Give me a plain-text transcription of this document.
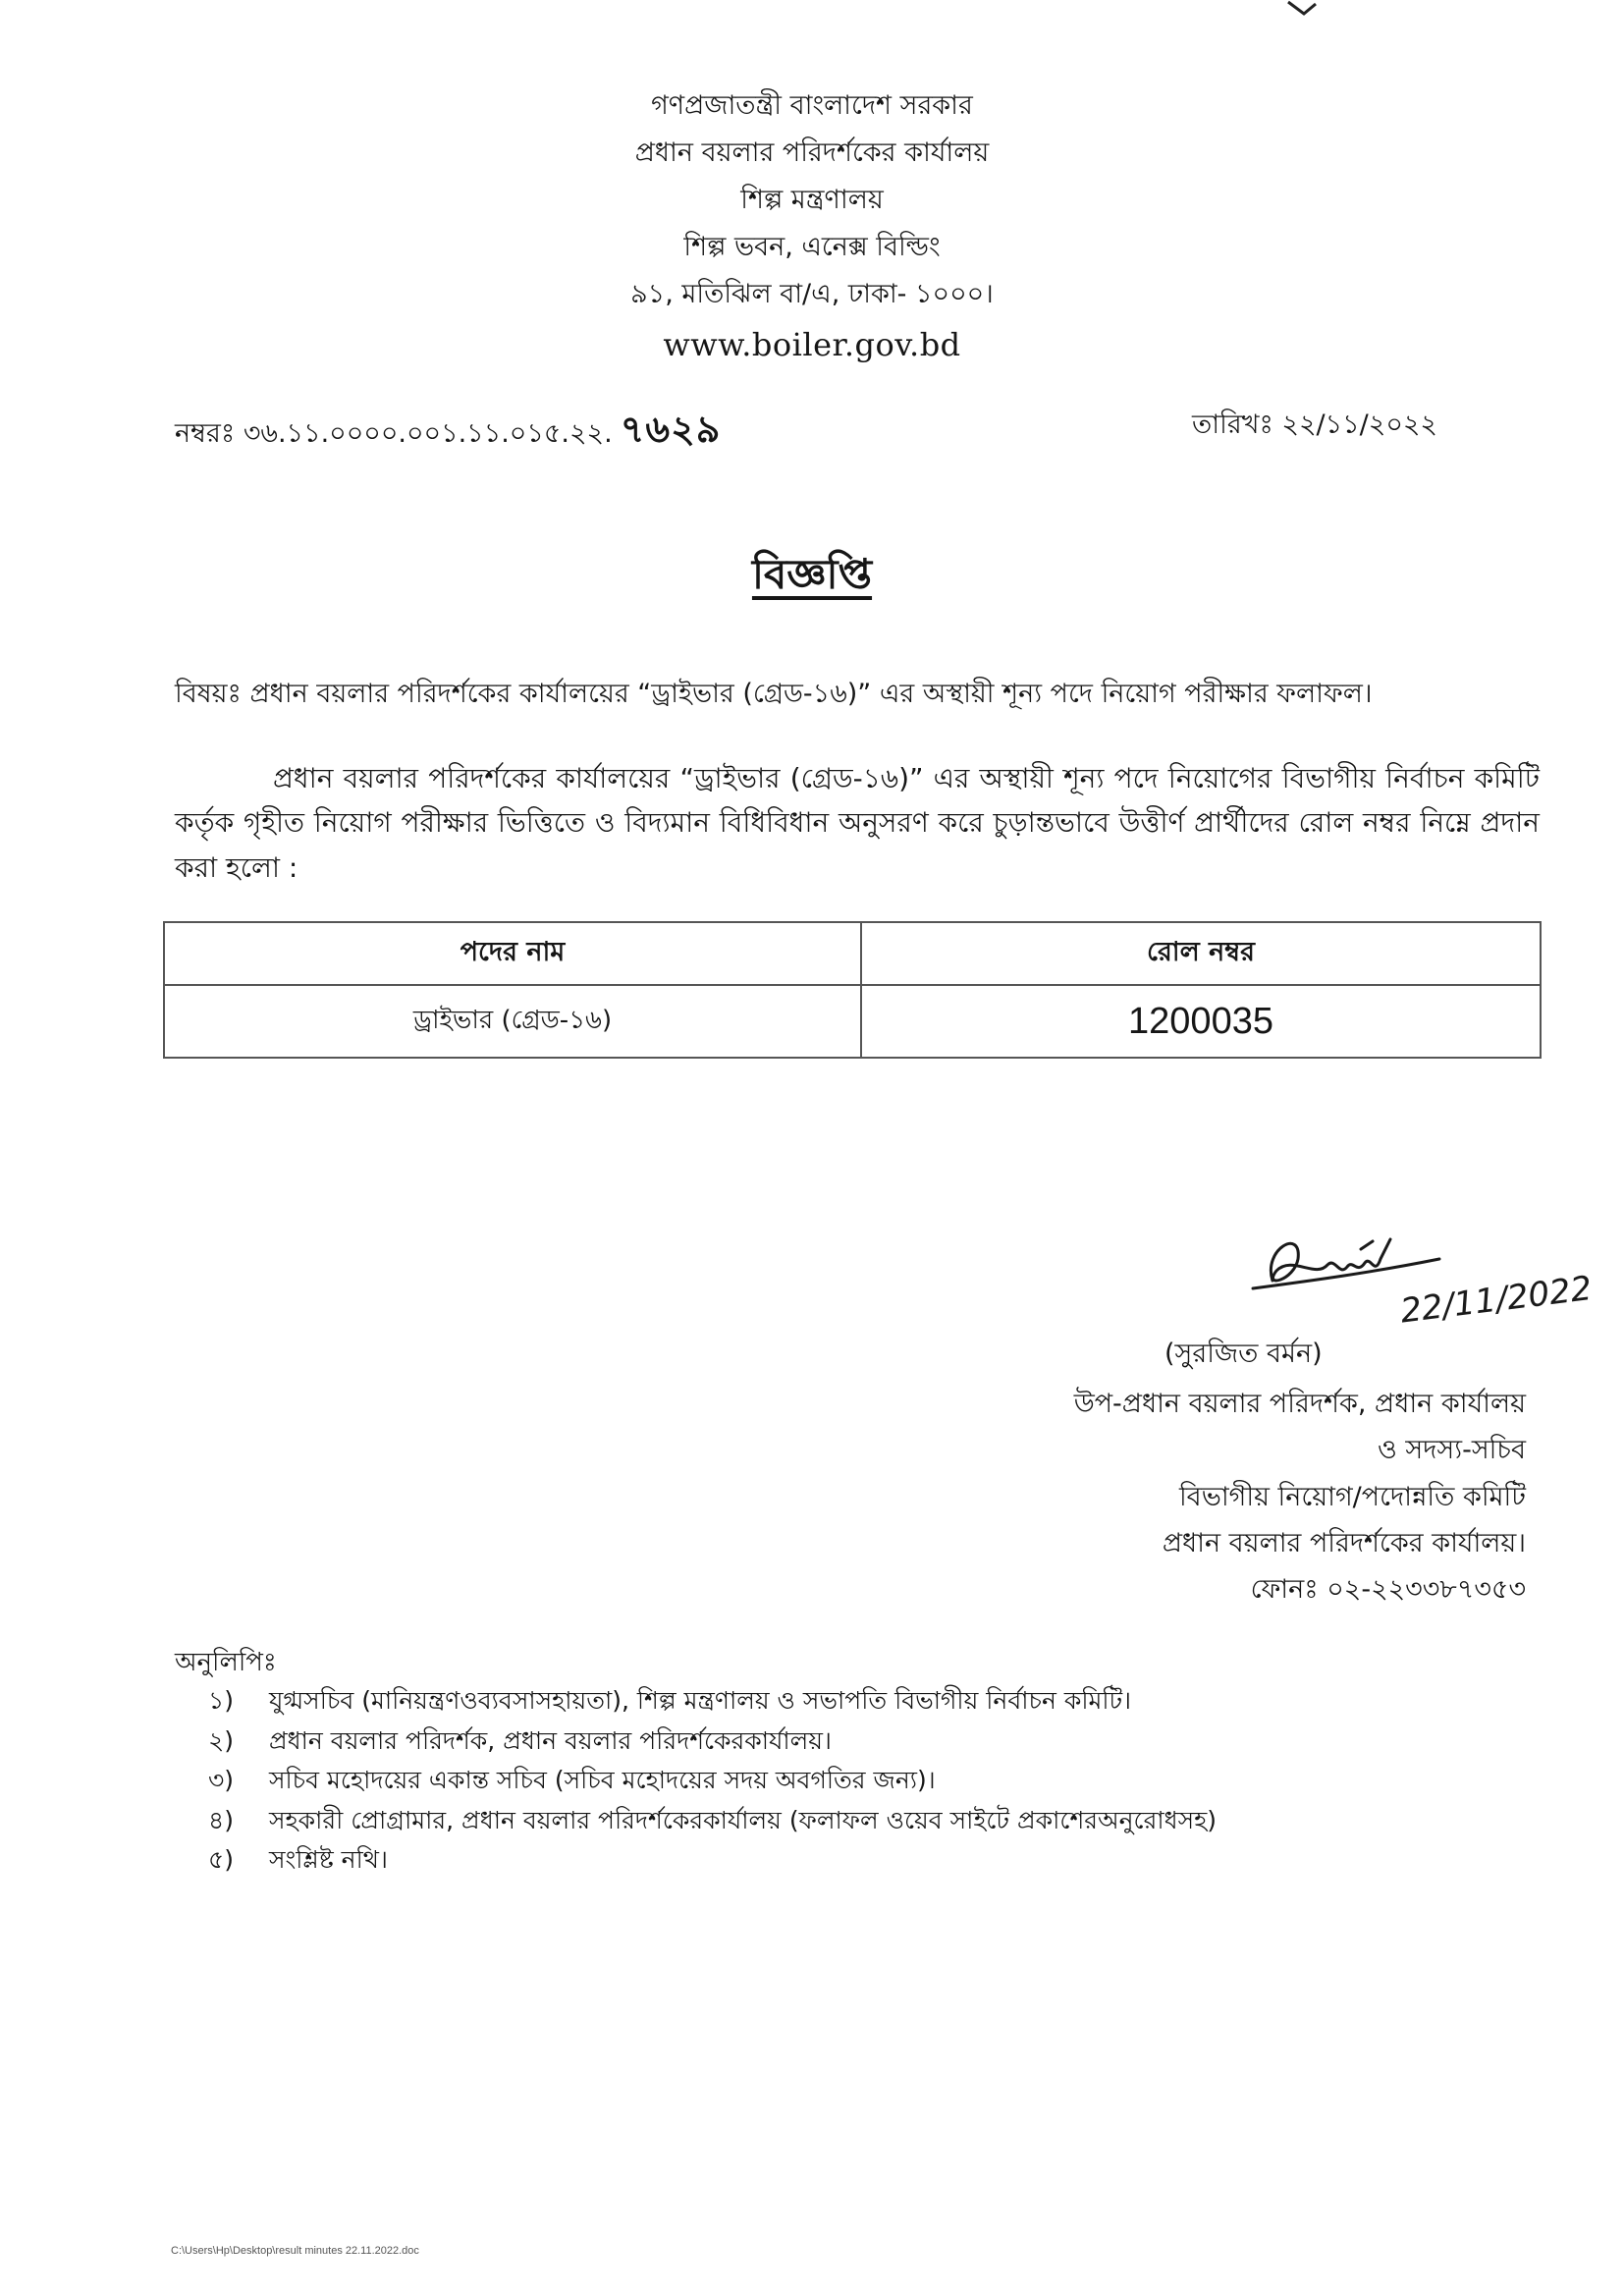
গণপ্রজাতন্ত্রী বাংলাদেশ সরকার
প্রধান বয়লার পরিদর্শকের কার্যালয়
শিল্প মন্ত্রণালয়
শিল্প ভবন, এনেক্স বিল্ডিং
৯১, মতিঝিল বা/এ, ঢাকা- ১০০০।
www.boiler.gov.bd
নম্বরঃ ৩৬.১১.০০০০.০০১.১১.০১৫.২২. ৭৬২৯	তারিখঃ ২২/১১/২০২২
বিজ্ঞপ্তি
বিষয়ঃ প্রধান বয়লার পরিদর্শকের কার্যালয়ের “ড্রাইভার (গ্রেড-১৬)” এর অস্থায়ী শূন্য পদে নিয়োগ পরীক্ষার ফলাফল।
প্রধান বয়লার পরিদর্শকের কার্যালয়ের “ড্রাইভার (গ্রেড-১৬)” এর অস্থায়ী শূন্য পদে নিয়োগের বিভাগীয় নির্বাচন কমিটি কর্তৃক গৃহীত নিয়োগ পরীক্ষার ভিত্তিতে ও বিদ্যমান বিধিবিধান অনুসরণ করে চুড়ান্তভাবে উত্তীর্ণ প্রার্থীদের রোল নম্বর নিম্নে প্রদান করা হলো :
পদের নাম	রোল নম্বর
ড্রাইভার (গ্রেড-১৬)	1200035
22/11/2022
(সুরজিত বর্মন)
উপ-প্রধান বয়লার পরিদর্শক, প্রধান কার্যালয়
ও সদস্য-সচিব
বিভাগীয় নিয়োগ/পদোন্নতি কমিটি
প্রধান বয়লার পরিদর্শকের কার্যালয়।
ফোনঃ ০২-২২৩৩৮৭৩৫৩
অনুলিপিঃ
১) যুগ্মসচিব (মানিয়ন্ত্রণওব্যবসাসহায়তা), শিল্প মন্ত্রণালয় ও সভাপতি বিভাগীয় নির্বাচন কমিটি।
২) প্রধান বয়লার পরিদর্শক, প্রধান বয়লার পরিদর্শকেরকার্যালয়।
৩) সচিব মহোদয়ের একান্ত সচিব (সচিব মহোদয়ের সদয় অবগতির জন্য)।
৪) সহকারী প্রোগ্রামার, প্রধান বয়লার পরিদর্শকেরকার্যালয় (ফলাফল ওয়েব সাইটে প্রকাশেরঅনুরোধসহ)
৫) সংশ্লিষ্ট নথি।
C:\Users\Hp\Desktop\result minutes 22.11.2022.doc
